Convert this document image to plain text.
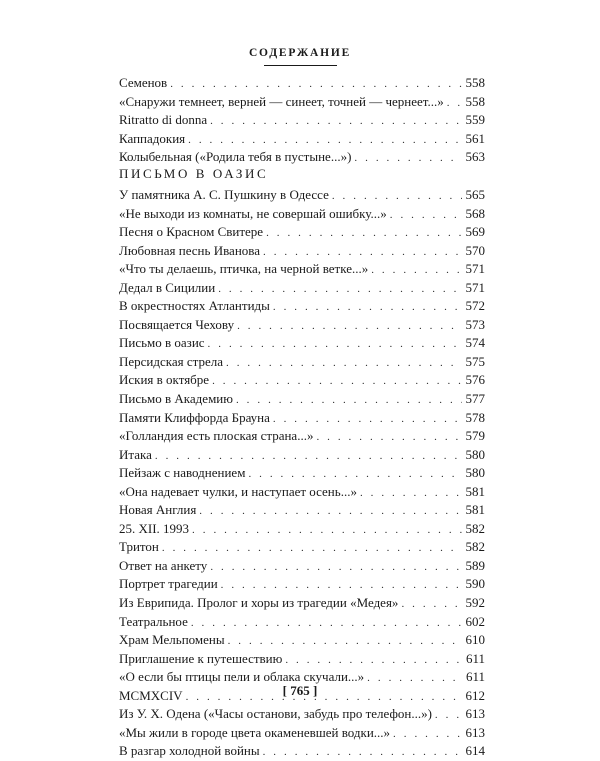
СОДЕРЖАНИЕ
Семенов . . .	558
«Снаружи темнеет, верней — синеет, точней — чернеет...» . . . 558
Ritratto di donna . . .	559
Каппадокия . . .	561
Колыбельная («Родила тебя в пустыне...») . . .	563
ПИСЬМО В ОАЗИС
У памятника А. С. Пушкину в Одессе . . .	565
«Не выходи из комнаты, не совершай ошибку...» . . .	568
Песня о Красном Свитере . . .	569
Любовная песнь Иванова . . .	570
«Что ты делаешь, птичка, на черной ветке...» . . .	571
Дедал в Сицилии . . .	571
В окрестностях Атлантиды . . .	572
Посвящается Чехову . . .	573
Письмо в оазис . . .	574
Персидская стрела . . .	575
Иския в октябре . . .	576
Письмо в Академию . . .	577
Памяти Клиффорда Брауна . . .	578
«Голландия есть плоская страна...» . . .	579
Итака . . .	580
Пейзаж с наводнением . . .	580
«Она надевает чулки, и наступает осень...» . . .	581
Новая Англия . . .	581
25. XII. 1993 . . .	582
Тритон . . .	582
Ответ на анкету . . .	589
Портрет трагедии . . .	590
Из Еврипида. Пролог и хоры из трагедии «Медея» . . .	592
Театральное . . .	602
Храм Мельпомены . . .	610
Приглашение к путешествию . . .	611
«О если бы птицы пели и облака скучали...» . . .	611
MCMXCIV . . .	612
Из У. Х. Одена («Часы останови, забудь про телефон...») . . .	613
«Мы жили в городе цвета окаменевшей водки...» . . .	613
В разгар холодной войны . . .	614
[ 765 ]
